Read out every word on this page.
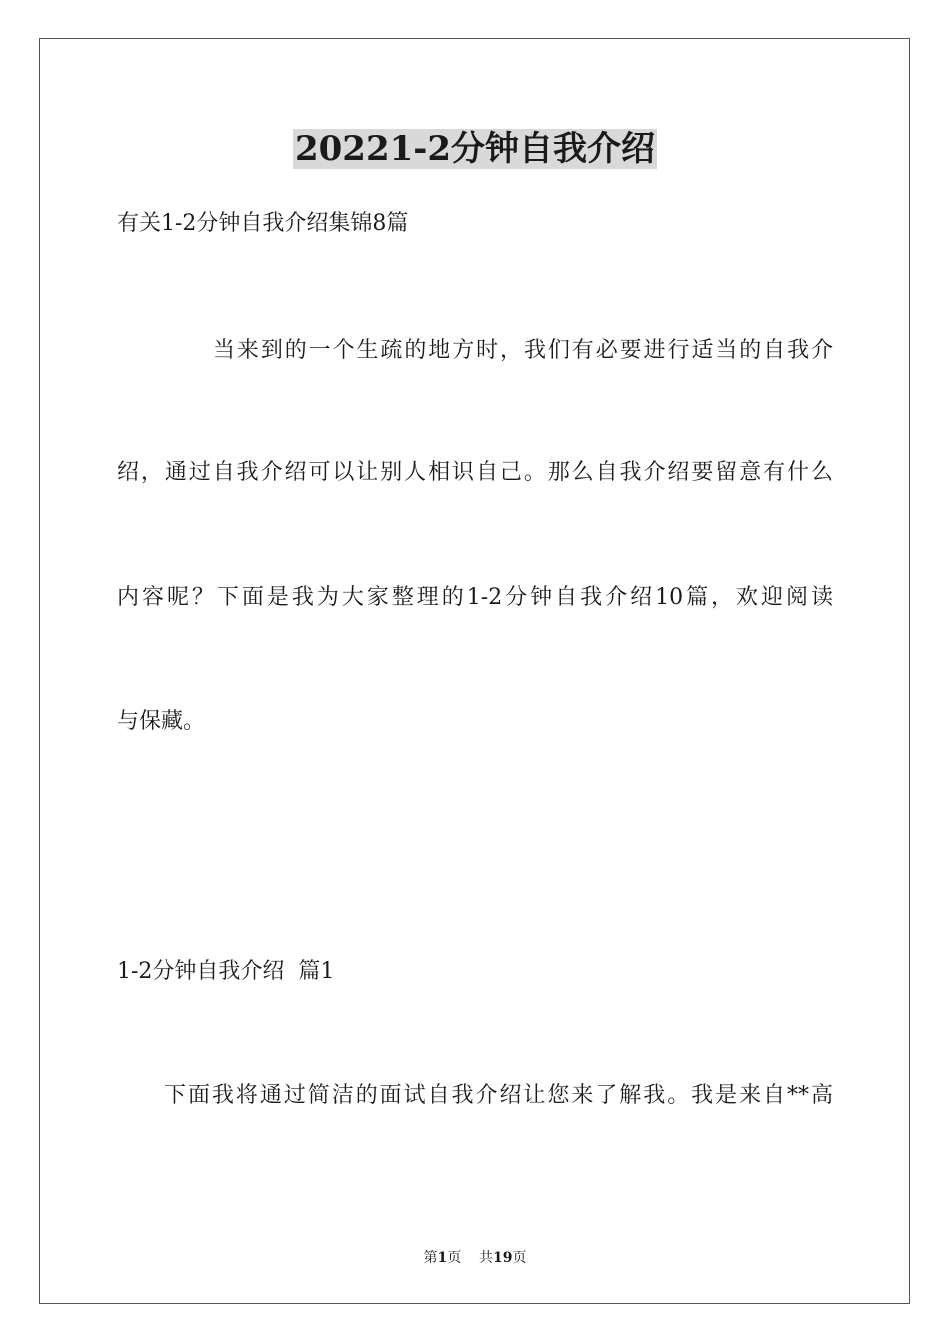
20221-2分钟自我介绍
有关1-2分钟自我介绍集锦8篇
当来到的一个生疏的地方时，我们有必要进行适当的自我介
绍，通过自我介绍可以让别人相识自己。那么自我介绍要留意有什么
内容呢？下面是我为大家整理的1-2分钟自我介绍10篇，欢迎阅读
与保藏。
1-2分钟自我介绍  篇1
下面我将通过简洁的面试自我介绍让您来了解我。我是来自**高
第1页    共19页
